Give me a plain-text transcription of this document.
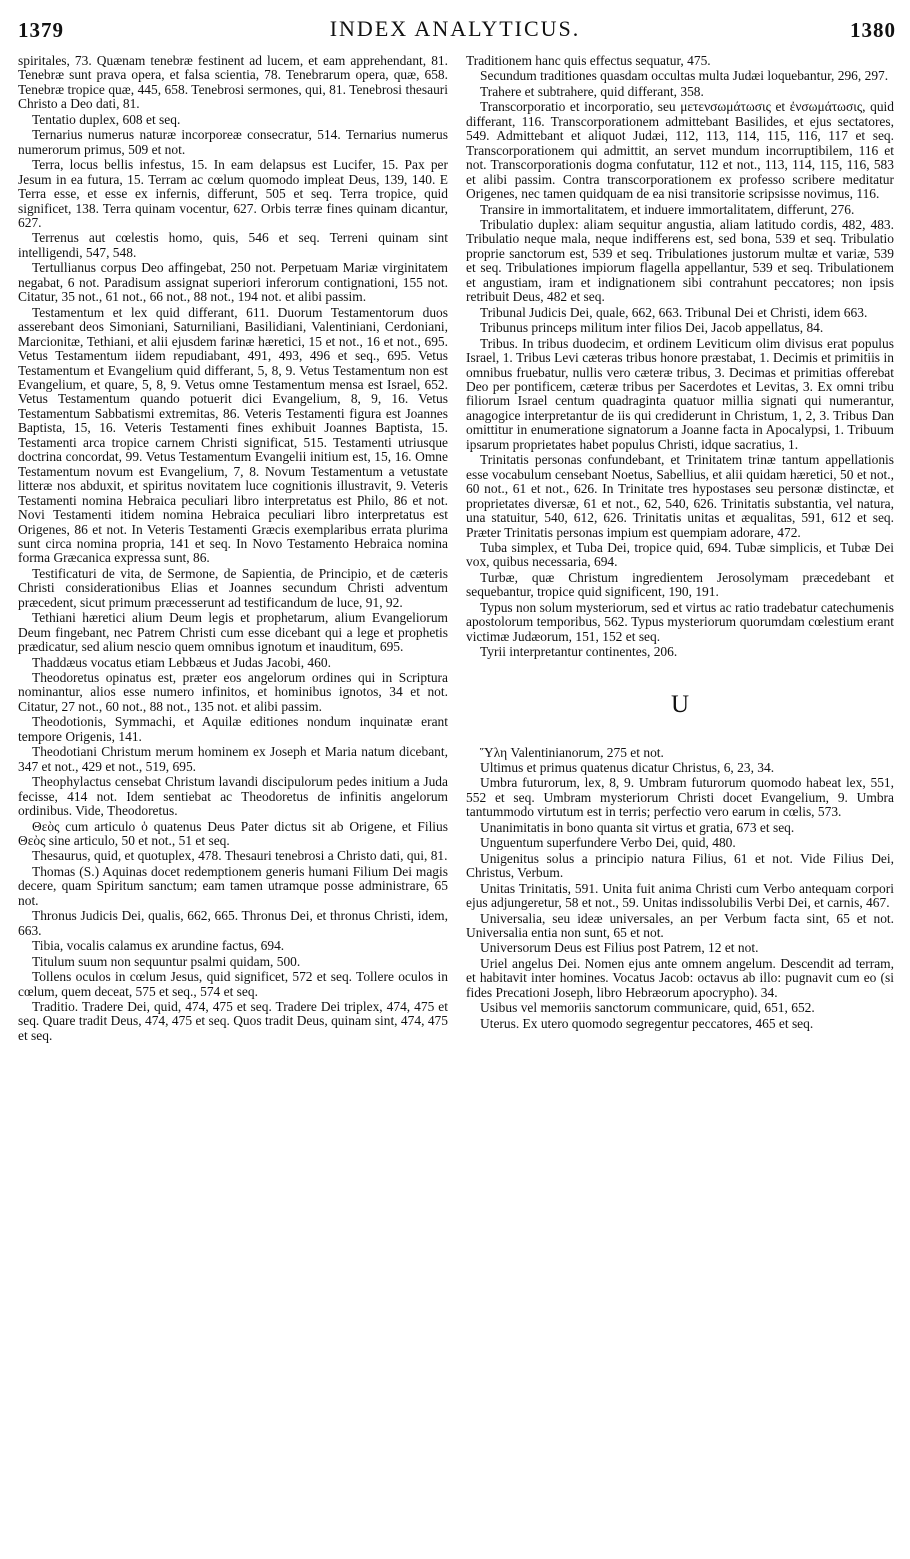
1379	INDEX ANALYTICUS.	1380

spiritales, 73. Quænam tenebræ festinent ad lucem, et eam apprehendant, 81. Tenebræ sunt prava opera, et falsa scientia, 78. Tenebrarum opera, quæ, 658. Tenebræ tropice quæ, 445, 658. Tenebrosi sermones, qui, 81. Tenebrosi thesauri Christo a Deo dati, 81.

Tentatio duplex, 608 et seq.

Ternarius numerus naturæ incorporeæ consecratur, 514. Ternarius numerus numerorum primus, 509 et not.

Terra, locus bellis infestus, 15. In eam delapsus est Lucifer, 15. Pax per Jesum in ea futura, 15. Terram ac cœlum quomodo impleat Deus, 139, 140. E Terra esse, et esse ex infernis, differunt, 505 et seq. Terra tropice, quid significet, 138. Terra quinam vocentur, 627. Orbis terræ fines quinam dicantur, 627.

Terrenus aut cœlestis homo, quis, 546 et seq. Terreni quinam sint intelligendi, 547, 548.

Tertullianus corpus Deo affingebat, 250 not. Perpetuam Mariæ virginitatem negabat, 6 not. Paradisum assignat superiori inferorum contignationi, 155 not. Citatur, 35 not., 61 not., 66 not., 88 not., 194 not. et alibi passim.

Testamentum et lex quid differant, 611. Duorum Testamentorum duos asserebant deos Simoniani, Saturniliani, Basilidiani, Valentiniani, Cerdoniani, Marcionitæ, Tethiani, et alii ejusdem farinæ hæretici, 15 et not., 16 et not., 695. Vetus Testamentum iidem repudiabant, 491, 493, 496 et seq., 695. Vetus Testamentum et Evangelium quid differant, 5, 8, 9. Vetus Testamentum non est Evangelium, et quare, 5, 8, 9. Vetus omne Testamentum mensa est Israel, 652. Vetus Testamentum quando potuerit dici Evangelium, 8, 9, 16. Vetus Testamentum Sabbatismi extremitas, 86. Veteris Testamenti figura est Joannes Baptista, 15, 16. Veteris Testamenti fines exhibuit Joannes Baptista, 15. Testamenti arca tropice carnem Christi significat, 515. Testamenti utriusque doctrina concordat, 99. Vetus Testamentum Evangelii initium est, 15, 16. Omne Testamentum novum est Evangelium, 7, 8. Novum Testamentum a vetustate litteræ nos abduxit, et spiritus novitatem luce cognitionis illustravit, 9. Veteris Testamenti nomina Hebraica peculiari libro interpretatus est Philo, 86 et not. Novi Testamenti itidem nomina Hebraica peculiari libro interpretatus est Origenes, 86 et not. In Veteris Testamenti Græcis exemplaribus errata plurima sunt circa nomina propria, 141 et seq. In Novo Testamento Hebraica nomina forma Græcanica expressa sunt, 86.

Testificaturi de vita, de Sermone, de Sapientia, de Principio, et de cæteris Christi considerationibus Elias et Joannes secundum Christi adventum præcedent, sicut primum præcesserunt ad testificandum de luce, 91, 92.

Tethiani hæretici alium Deum legis et prophetarum, alium Evangeliorum Deum fingebant, nec Patrem Christi cum esse dicebant qui a lege et prophetis prædicatur, sed alium nescio quem omnibus ignotum et inauditum, 695.

Thaddæus vocatus etiam Lebbæus et Judas Jacobi, 460.

Theodoretus opinatus est, præter eos angelorum ordines qui in Scriptura nominantur, alios esse numero infinitos, et hominibus ignotos, 34 et not. Citatur, 27 not., 60 not., 88 not., 135 not. et alibi passim.

Theodotionis, Symmachi, et Aquilæ editiones nondum inquinatæ erant tempore Origenis, 141.

Theodotiani Christum merum hominem ex Joseph et Maria natum dicebant, 347 et not., 429 et not., 519, 695.

Theophylactus censebat Christum lavandi discipulorum pedes initium a Juda fecisse, 414 not. Idem sentiebat ac Theodoretus de infinitis angelorum ordinibus. Vide, Theodoretus.

Θεὸς cum articulo ὁ quatenus Deus Pater dictus sit ab Origene, et Filius Θεὸς sine articulo, 50 et not., 51 et seq.

Thesaurus, quid, et quotuplex, 478. Thesauri tenebrosi a Christo dati, qui, 81.

Thomas (S.) Aquinas docet redemptionem generis humani Filium Dei magis decere, quam Spiritum sanctum; eam tamen utramque posse administrare, 65 not.

Thronus Judicis Dei, qualis, 662, 665. Thronus Dei, et thronus Christi, idem, 663.

Tibia, vocalis calamus ex arundine factus, 694.

Titulum suum non sequuntur psalmi quidam, 500.

Tollens oculos in cœlum Jesus, quid significet, 572 et seq. Tollere oculos in cœlum, quem deceat, 575 et seq., 574 et seq.

Traditio. Tradere Dei, quid, 474, 475 et seq. Tradere Dei triplex, 474, 475 et seq. Quare tradit Deus, 474, 475 et seq. Quos tradit Deus, quinam sint, 474, 475 et seq.

Traditionem hanc quis effectus sequatur, 475.

Secundum traditiones quasdam occultas multa Judæi loquebantur, 296, 297.

Trahere et subtrahere, quid differant, 358.

Transcorporatio et incorporatio, seu μετενσωμάτωσις et ἐνσωμάτωσις, quid differant, 116. Transcorporationem admittebant Basilides, et ejus sectatores, 549. Admittebant et aliquot Judæi, 112, 113, 114, 115, 116, 117 et seq. Transcorporationem qui admittit, an servet mundum incorruptibilem, 116 et not. Transcorporationis dogma confutatur, 112 et not., 113, 114, 115, 116, 583 et alibi passim. Contra transcorporationem ex professo scribere meditatur Origenes, nec tamen quidquam de ea nisi transitorie scripsisse novimus, 116.

Transire in immortalitatem, et induere immortalitatem, differunt, 276.

Tribulatio duplex: aliam sequitur angustia, aliam latitudo cordis, 482, 483. Tribulatio neque mala, neque indifferens est, sed bona, 539 et seq. Tribulatio proprie sanctorum est, 539 et seq. Tribulationes justorum multæ et variæ, 539 et seq. Tribulationes impiorum flagella appellantur, 539 et seq. Tribulationem et angustiam, iram et indignationem sibi contrahunt peccatores; non ipsis retribuit Deus, 482 et seq.

Tribunal Judicis Dei, quale, 662, 663. Tribunal Dei et Christi, idem 663.

Tribunus princeps militum inter filios Dei, Jacob appellatus, 84.

Tribus. In tribus duodecim, et ordinem Leviticum olim divisus erat populus Israel, 1. Tribus Levi cæteras tribus honore præstabat, 1. Decimis et primitiis in omnibus fruebatur, nullis vero cæteræ tribus, 3. Decimas et primitias offerebat Deo per pontificem, cæteræ tribus per Sacerdotes et Levitas, 3. Ex omni tribu filiorum Israel centum quadraginta quatuor millia signati qui numerantur, anagogice interpretantur de iis qui crediderunt in Christum, 1, 2, 3. Tribus Dan omittitur in enumeratione signatorum a Joanne facta in Apocalypsi, 1. Tribuum ipsarum proprietates habet populus Christi, idque sacratius, 1.

Trinitatis personas confundebant, et Trinitatem trinæ tantum appellationis esse vocabulum censebant Noetus, Sabellius, et alii quidam hæretici, 50 et not., 60 not., 61 et not., 626. In Trinitate tres hypostases seu personæ distinctæ, et proprietates diversæ, 61 et not., 62, 540, 626. Trinitatis substantia, vel natura, una statuitur, 540, 612, 626. Trinitatis unitas et æqualitas, 591, 612 et seq. Præter Trinitatis personas impium est quempiam adorare, 472.

Tuba simplex, et Tuba Dei, tropice quid, 694. Tubæ simplicis, et Tubæ Dei vox, quibus necessaria, 694.

Turbæ, quæ Christum ingredientem Jerosolymam præcedebant et sequebantur, tropice quid significent, 190, 191.

Typus non solum mysteriorum, sed et virtus ac ratio tradebatur catechumenis apostolorum temporibus, 562. Typus mysteriorum quorumdam cœlestium erant victimæ Judæorum, 151, 152 et seq.

Tyrii interpretantur continentes, 206.

U

Ὕλη Valentinianorum, 275 et not.

Ultimus et primus quatenus dicatur Christus, 6, 23, 34.

Umbra futurorum, lex, 8, 9. Umbram futurorum quomodo habeat lex, 551, 552 et seq. Umbram mysteriorum Christi docet Evangelium, 9. Umbra tantummodo virtutum est in terris; perfectio vero earum in cœlis, 573.

Unanimitatis in bono quanta sit virtus et gratia, 673 et seq.

Unguentum superfundere Verbo Dei, quid, 480.

Unigenitus solus a principio natura Filius, 61 et not. Vide Filius Dei, Christus, Verbum.

Unitas Trinitatis, 591. Unita fuit anima Christi cum Verbo antequam corpori ejus adjungeretur, 58 et not., 59. Unitas indissolubilis Verbi Dei, et carnis, 467.

Universalia, seu ideæ universales, an per Verbum facta sint, 65 et not. Universalia entia non sunt, 65 et not.

Universorum Deus est Filius post Patrem, 12 et not.

Uriel angelus Dei. Nomen ejus ante omnem angelum. Descendit ad terram, et habitavit inter homines. Vocatus Jacob: octavus ab illo: pugnavit cum eo (si fides Precationi Joseph, libro Hebræorum apocrypho). 34.

Usibus vel memoriis sanctorum communicare, quid, 651, 652.

Uterus. Ex utero quomodo segregentur peccatores, 465 et seq.
